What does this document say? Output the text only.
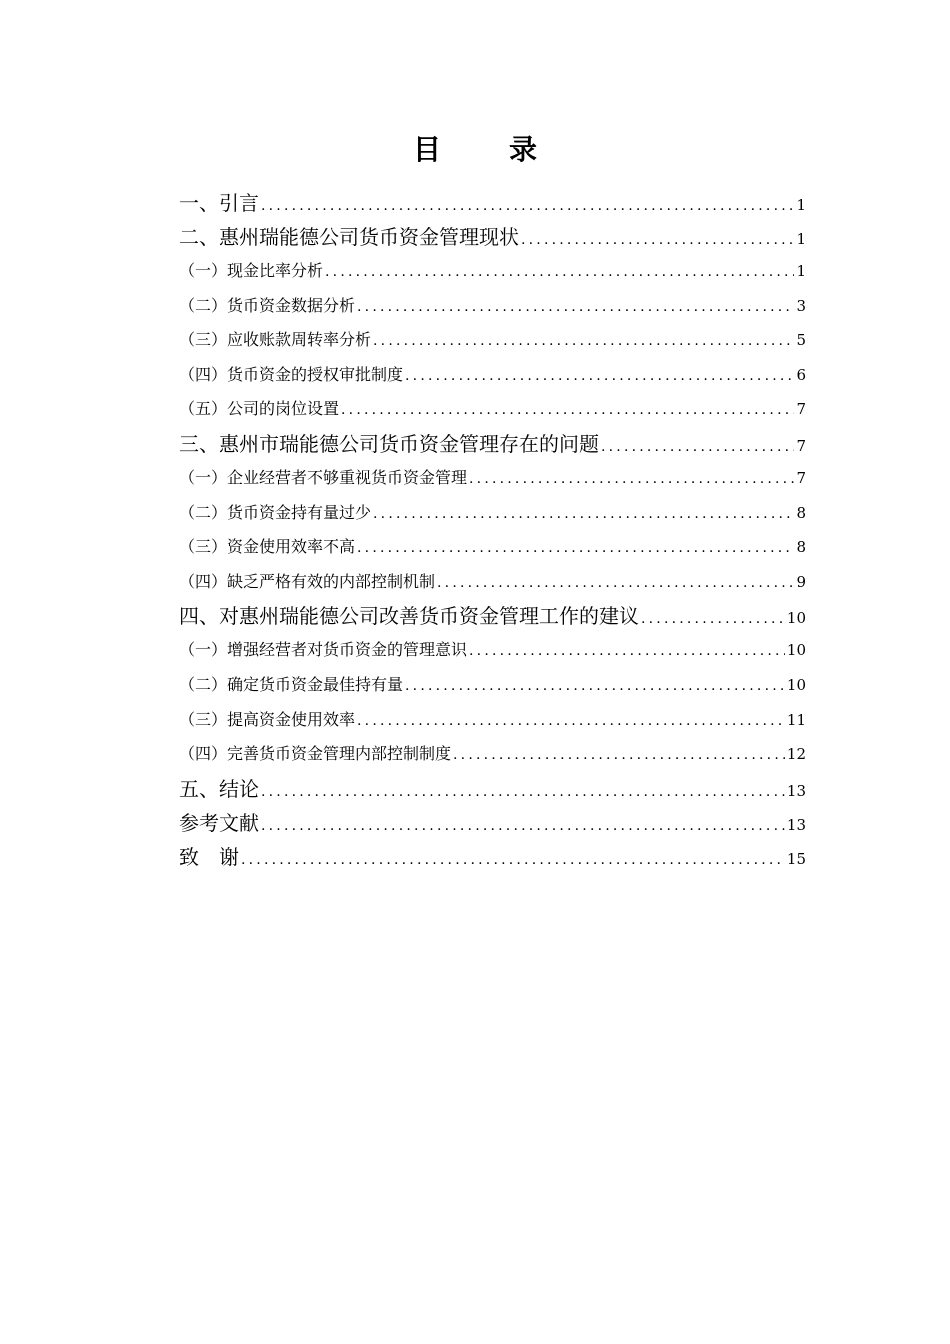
目　录
一、引言 .....	1
二、惠州瑞能德公司货币资金管理现状 .....	1
（一）现金比率分析 .....	1
（二）货币资金数据分析 .....	3
（三）应收账款周转率分析 .....	5
（四）货币资金的授权审批制度 .....	6
（五）公司的岗位设置 .....	7
三、惠州市瑞能德公司货币资金管理存在的问题 .....	7
（一）企业经营者不够重视货币资金管理 .....	7
（二）货币资金持有量过少 .....	8
（三）资金使用效率不高 .....	8
（四）缺乏严格有效的内部控制机制 .....	9
四、对惠州瑞能德公司改善货币资金管理工作的建议 .....	10
（一）增强经营者对货币资金的管理意识 .....	10
（二）确定货币资金最佳持有量 .....	10
（三）提高资金使用效率 .....	11
（四）完善货币资金管理内部控制制度 .....	12
五、结论 .....	13
参考文献 .....	13
致　谢 .....	15
